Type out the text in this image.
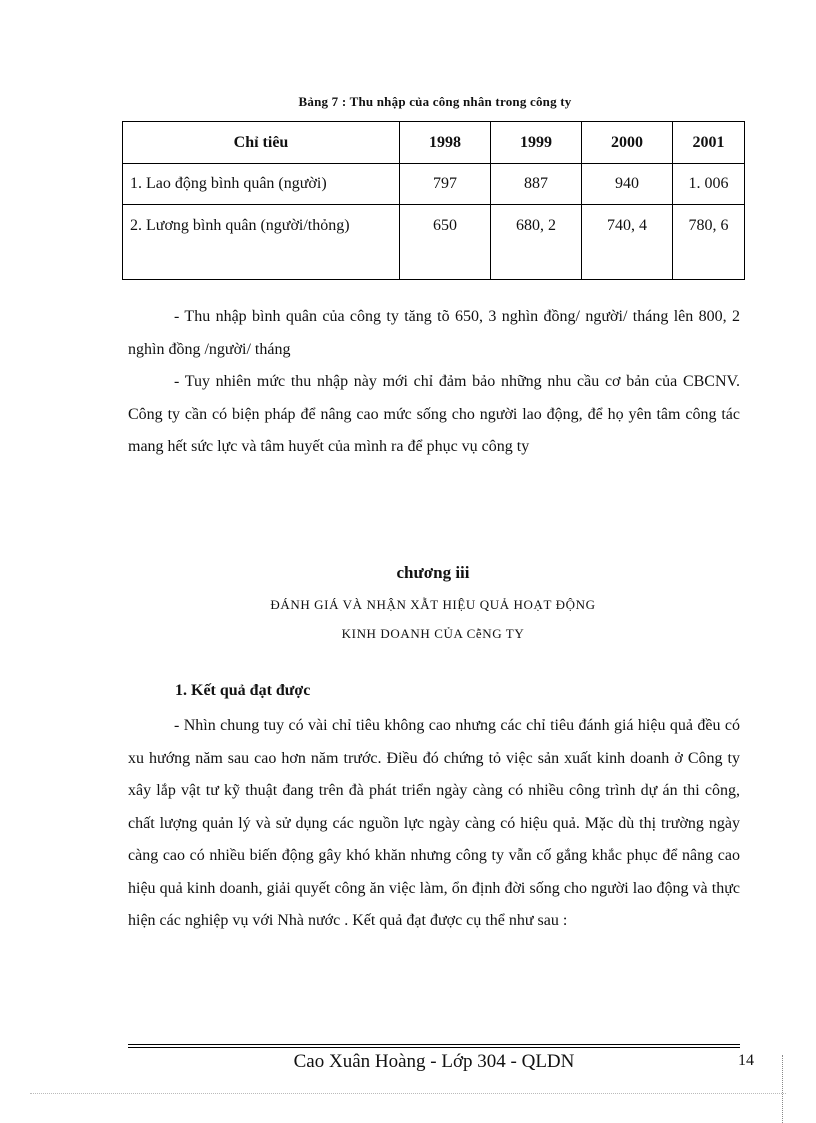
Bảng 7 : Thu nhập của công nhân trong công ty
Chỉ tiêu	1998	1999	2000	2001
1. Lao động bình quân (người)	797	887	940	1. 006
2. Lương bình quân (người/thỏng)	650	680, 2	740, 4	780, 6

- Thu nhập bình quân của công ty tăng tõ 650, 3 nghìn đồng/ người/ tháng lên 800, 2 nghìn đồng /người/ tháng

- Tuy nhiên mức thu nhập này mới chỉ đảm bảo những nhu cầu cơ bản của CBCNV. Công ty cần có biện pháp để nâng cao mức sống cho người lao động, để họ yên tâm công tác mang hết sức lực và tâm huyết của mình ra để phục vụ công ty

chương iii
ĐÁNH GIÁ VÀ NHẬN XẪT HIỆU QUẢ HOẠT ĐỘNG
KINH DOANH CỦA CễNG TY
1. Kết quả đạt được

- Nhìn chung tuy có vài chỉ tiêu không cao nhưng các chỉ tiêu đánh giá hiệu quả đều có xu hướng năm sau cao hơn năm trước. Điều đó chứng tỏ việc sản xuất kinh doanh ở Công ty xây lắp vật tư kỹ thuật đang trên đà phát triển ngày càng có nhiều công trình dự án thi công, chất lượng quản lý và sử dụng các nguồn lực ngày càng có hiệu quả. Mặc dù thị trường ngày càng cao có nhiều biến động gây khó khăn nhưng công ty vẫn cố gắng khắc phục để nâng cao hiệu quả kinh doanh, giải quyết công ăn việc làm, ổn định đời sống cho người lao động và thực hiện các nghiệp vụ với Nhà nước . Kết quả đạt được cụ thể như sau :

Cao Xuân Hoàng - Lớp 304 - QLDN	14
